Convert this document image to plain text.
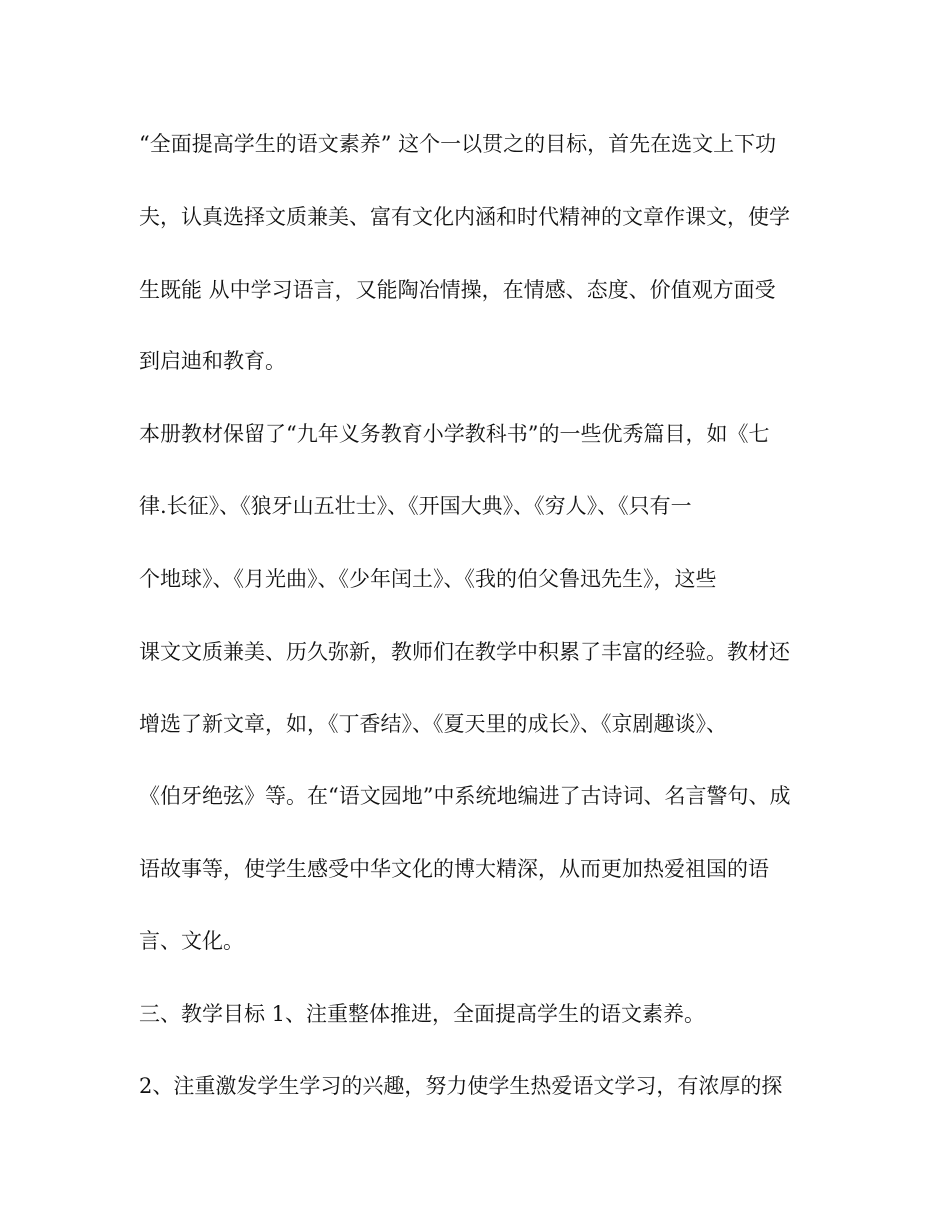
“全面提高学生的语文素养” 这个一以贯之的目标，首先在选文上下功
夫，认真选择文质兼美、富有文化内涵和时代精神的文章作课文，使学
生既能 从中学习语言，又能陶冶情操，在情感、态度、价值观方面受
到启迪和教育。
本册教材保留了“九年义务教育小学教科书”的一些优秀篇目，如《七
律.长征》、《狼牙山五壮士》、《开国大典》、《穷人》、《只有一
个地球》、《月光曲》、《少年闰土》、《我的伯父鲁迅先生》，这些
课文文质兼美、历久弥新，教师们在教学中积累了丰富的经验。教材还
增选了新文章，如，《丁香结》、《夏天里的成长》、《京剧趣谈》、
《伯牙绝弦》等。在“语文园地”中系统地编进了古诗词、名言警句、成
语故事等，使学生感受中华文化的博大精深，从而更加热爱祖国的语
言、文化。
三、教学目标 1、注重整体推进，全面提高学生的语文素养。
2、注重激发学生学习的兴趣，努力使学生热爱语文学习，有浓厚的探
